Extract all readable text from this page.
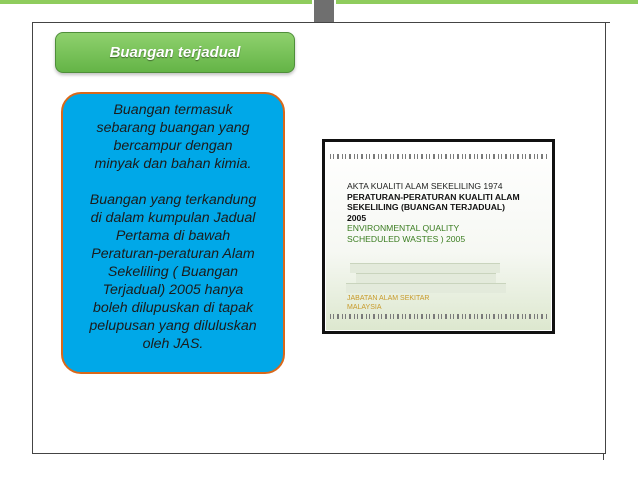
Buangan terjadual

Buangan termasuk

sebarang buangan yang

bercampur dengan

minyak dan bahan kimia.

Buangan yang terkandung

di dalam kumpulan Jadual

Pertama di bawah

Peraturan-peraturan Alam

Sekeliling ( Buangan

Terjadual) 2005 hanya

boleh dilupuskan di tapak

pelupusan yang diluluskan

oleh JAS.

AKTA KUALITI ALAM SEKELILING 1974
PERATURAN-PERATURAN KUALITI ALAM
SEKELILING (BUANGAN TERJADUAL)
2005
ENVIRONMENTAL QUALITY
SCHEDULED WASTES ) 2005
JABATAN ALAM SEKITAR
MALAYSIA
